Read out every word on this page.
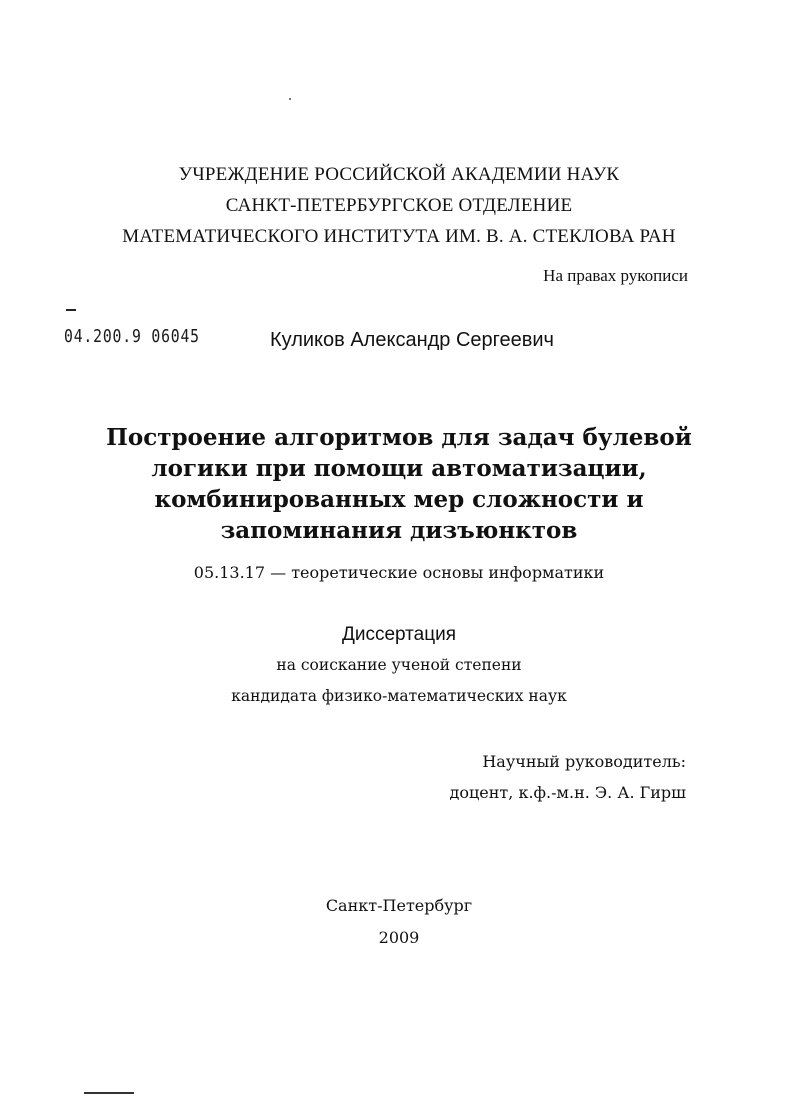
УЧРЕЖДЕНИЕ РОССИЙСКОЙ АКАДЕМИИ НАУК
САНКТ-ПЕТЕРБУРГСКОЕ ОТДЕЛЕНИЕ
МАТЕМАТИЧЕСКОГО ИНСТИТУТА ИМ. В. А. СТЕКЛОВА РАН
На правах рукописи
04.200.9 06045	Куликов Александр Сергеевич
Построение алгоритмов для задач булевой
логики при помощи автоматизации,
комбинированных мер сложности и
запоминания дизъюнктов
05.13.17 — теоретические основы информатики
Диссертация
на соискание ученой степени
кандидата физико-математических наук
Научный руководитель:
доцент, к.ф.-м.н. Э. А. Гирш
Санкт-Петербург
2009
